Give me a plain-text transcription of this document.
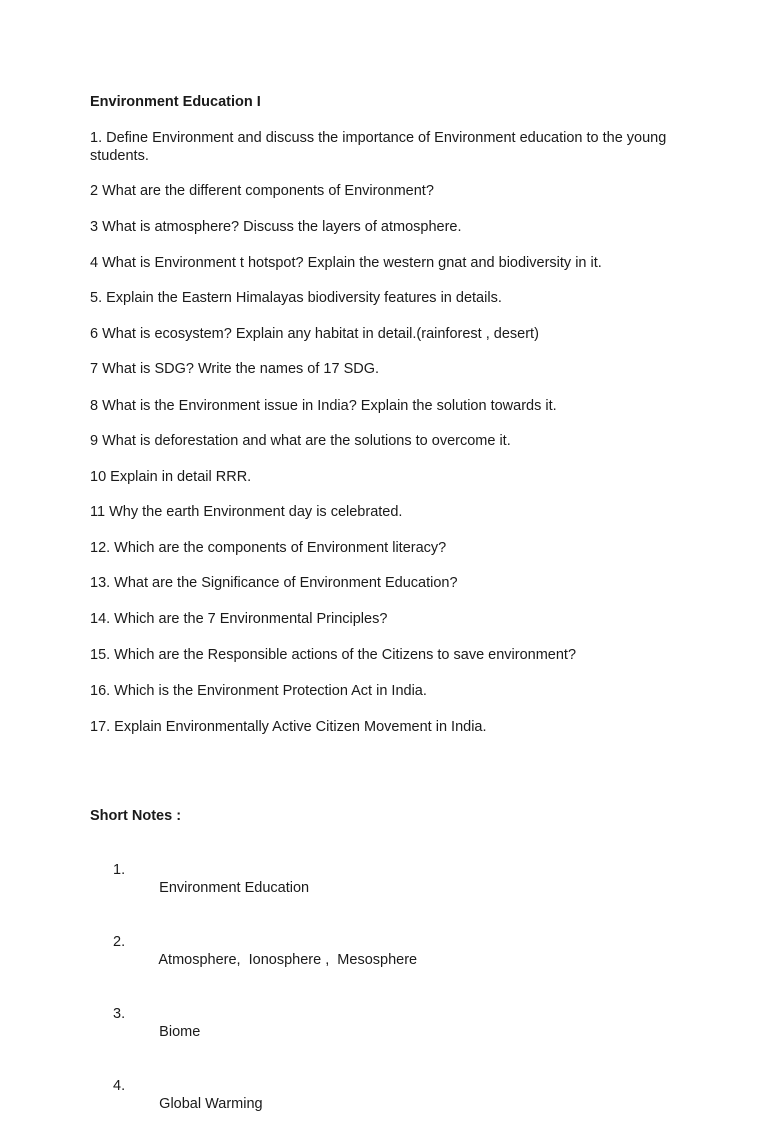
Environment Education I

1. Define Environment and discuss the importance of Environment education to the young students.

2 What are the different components of Environment?

3 What is atmosphere? Discuss the layers of atmosphere.

4 What is Environment t hotspot? Explain the western gnat and biodiversity in it.

5. Explain the Eastern Himalayas biodiversity features in details.

6 What is ecosystem? Explain any habitat in detail.(rainforest , desert)

7 What is SDG? Write the names of 17 SDG.

8 What is the Environment issue in India? Explain the solution towards it.

9 What is deforestation and what are the solutions to overcome it.

10 Explain in detail RRR.

11 Why the earth Environment day is celebrated.

12. Which are the components of Environment literacy?

13. What are the Significance of Environment Education?

14. Which are the 7 Environmental Principles?

15. Which are the Responsible actions of the Citizens to save environment?

16. Which is the Environment Protection Act in India.

17. Explain Environmentally Active Citizen Movement in India.

Short Notes :

1.

Environment Education

2.

Atmosphere,  Ionosphere ,  Mesosphere

3.

Biome

4.

Global Warming
